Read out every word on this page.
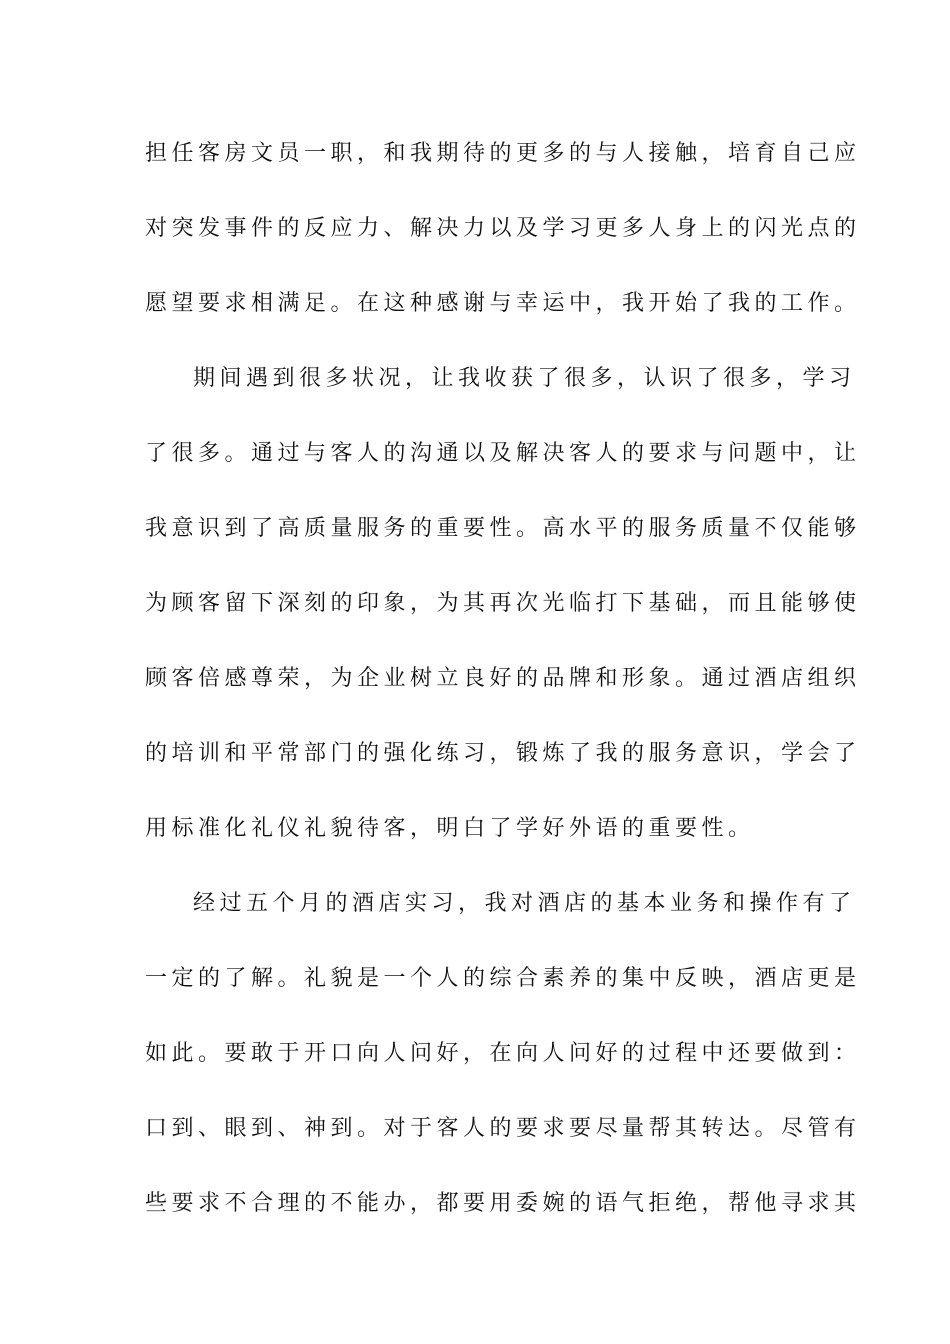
担任客房文员一职，和我期待的更多的与人接触，培育自己应
对突发事件的反应力、解决力以及学习更多人身上的闪光点的
愿望要求相满足。在这种感谢与幸运中，我开始了我的工作。
期间遇到很多状况，让我收获了很多，认识了很多，学习
了很多。通过与客人的沟通以及解决客人的要求与问题中，让
我意识到了高质量服务的重要性。高水平的服务质量不仅能够
为顾客留下深刻的印象，为其再次光临打下基础，而且能够使
顾客倍感尊荣，为企业树立良好的品牌和形象。通过酒店组织
的培训和平常部门的强化练习，锻炼了我的服务意识，学会了
用标准化礼仪礼貌待客，明白了学好外语的重要性。
经过五个月的酒店实习，我对酒店的基本业务和操作有了
一定的了解。礼貌是一个人的综合素养的集中反映，酒店更是
如此。要敢于开口向人问好，在向人问好的过程中还要做到：
口到、眼到、神到。对于客人的要求要尽量帮其转达。尽管有
些要求不合理的不能办，都要用委婉的语气拒绝，帮他寻求其
